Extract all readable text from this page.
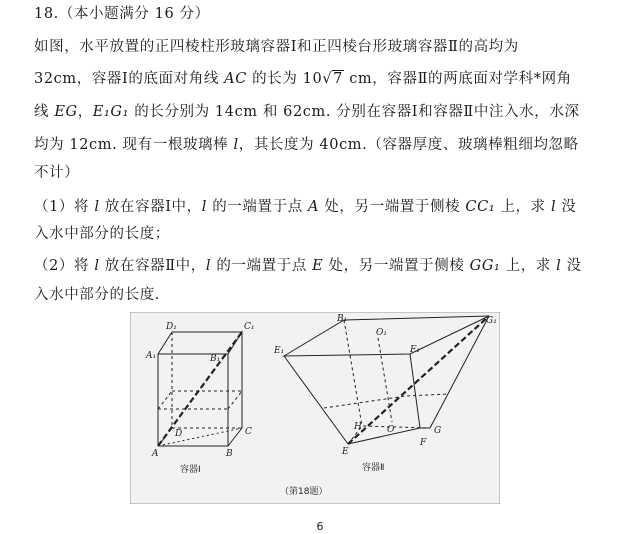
18.（本小题满分 16 分）
如图，水平放置的正四棱柱形玻璃容器Ⅰ和正四棱台形玻璃容器Ⅱ的高均为
32cm，容器Ⅰ的底面对角线 AC 的长为 10√7 cm，容器Ⅱ的两底面对学科*网角
线 EG，E₁G₁ 的长分别为 14cm 和 62cm. 分别在容器Ⅰ和容器Ⅱ中注入水，水深
均为 12cm. 现有一根玻璃棒 l，其长度为 40cm.（容器厚度、玻璃棒粗细均忽略
不计）
（1）将 l 放在容器Ⅰ中，l 的一端置于点 A 处，另一端置于侧棱 CC₁ 上，求 l 没
入水中部分的长度；
（2）将 l 放在容器Ⅱ中，l 的一端置于点 E 处，另一端置于侧棱 GG₁ 上，求 l 没
入水中部分的长度.
D₁	C₁
A₁	B₁
D	C
A	B
容器Ⅰ
B₁	G₁
O₁
E₁	F₁
H	O	G
E
F
容器Ⅱ
（第18题）
6
